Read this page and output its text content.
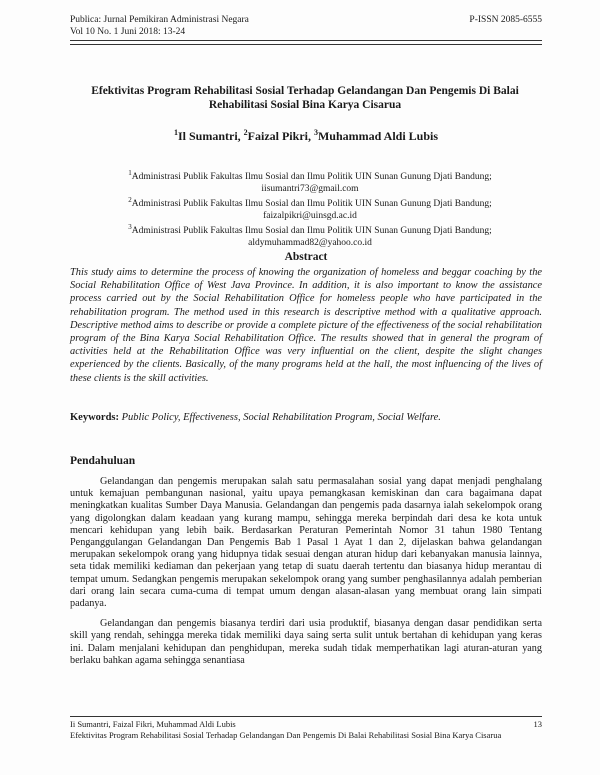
Publica: Jurnal Pemikiran Administrasi Negara	P-ISSN 2085-6555
Vol 10 No. 1 Juni 2018: 13-24
Efektivitas Program Rehabilitasi Sosial Terhadap Gelandangan Dan Pengemis Di Balai Rehabilitasi Sosial Bina Karya Cisarua
$^1$Il Sumantri, $^2$Faizal Pikri, $^3$Muhammad Aldi Lubis
$^1$Administrasi Publik Fakultas Ilmu Sosial dan Ilmu Politik UIN Sunan Gunung Djati Bandung;
iisumantri73@gmail.com
$^2$Administrasi Publik Fakultas Ilmu Sosial dan Ilmu Politik UIN Sunan Gunung Djati Bandung;
faizalpikri@uinsgd.ac.id
$^3$Administrasi Publik Fakultas Ilmu Sosial dan Ilmu Politik UIN Sunan Gunung Djati Bandung;
aldymuhammad82@yahoo.co.id
Abstract
This study aims to determine the process of knowing the organization of homeless and beggar coaching by the Social Rehabilitation Office of West Java Province. In addition, it is also important to know the assistance process carried out by the Social Rehabilitation Office for homeless people who have participated in the rehabilitation program. The method used in this research is descriptive method with a qualitative approach. Descriptive method aims to describe or provide a complete picture of the effectiveness of the social rehabilitation program of the Bina Karya Social Rehabilitation Office. The results showed that in general the program of activities held at the Rehabilitation Office was very influential on the client, despite the slight changes experienced by the clients. Basically, of the many programs held at the hall, the most influencing of the lives of these clients is the skill activities.
Keywords: Public Policy, Effectiveness, Social Rehabilitation Program, Social Welfare.
Pendahuluan

Gelandangan dan pengemis merupakan salah satu permasalahan sosial yang dapat menjadi penghalang untuk kemajuan pembangunan nasional, yaitu upaya pemangkasan kemiskinan dan cara bagaimana dapat meningkatkan kualitas Sumber Daya Manusia. Gelandangan dan pengemis pada dasarnya ialah sekelompok orang yang digolongkan dalam keadaan yang kurang mampu, sehingga mereka berpindah dari desa ke kota untuk mencari kehidupan yang lebih baik. Berdasarkan Peraturan Pemerintah Nomor 31 tahun 1980 Tentang Penganggulangan Gelandangan Dan Pengemis Bab 1 Pasal 1 Ayat 1 dan 2, dijelaskan bahwa gelandangan merupakan sekelompok orang yang hidupnya tidak sesuai dengan aturan hidup dari kebanyakan manusia lainnya, seta tidak memiliki kediaman dan pekerjaan yang tetap di suatu daerah tertentu dan biasanya hidup merantau di tempat umum. Sedangkan pengemis merupakan sekelompok orang yang sumber penghasilannya adalah pemberian dari orang lain secara cuma-cuma di tempat umum dengan alasan-alasan yang membuat orang lain simpati padanya.

Gelandangan dan pengemis biasanya terdiri dari usia produktif, biasanya dengan dasar pendidikan serta skill yang rendah, sehingga mereka tidak memiliki daya saing serta sulit untuk bertahan di kehidupan yang keras ini. Dalam menjalani kehidupan dan penghidupan, mereka sudah tidak memperhatikan lagi aturan-aturan yang berlaku bahkan agama sehingga senantiasa

Ii Sumantri, Faizal Fikri, Muhammad Aldi Lubis	13
Efektivitas Program Rehabilitasi Sosial Terhadap Gelandangan Dan Pengemis Di Balai Rehabilitasi Sosial Bina Karya Cisarua
